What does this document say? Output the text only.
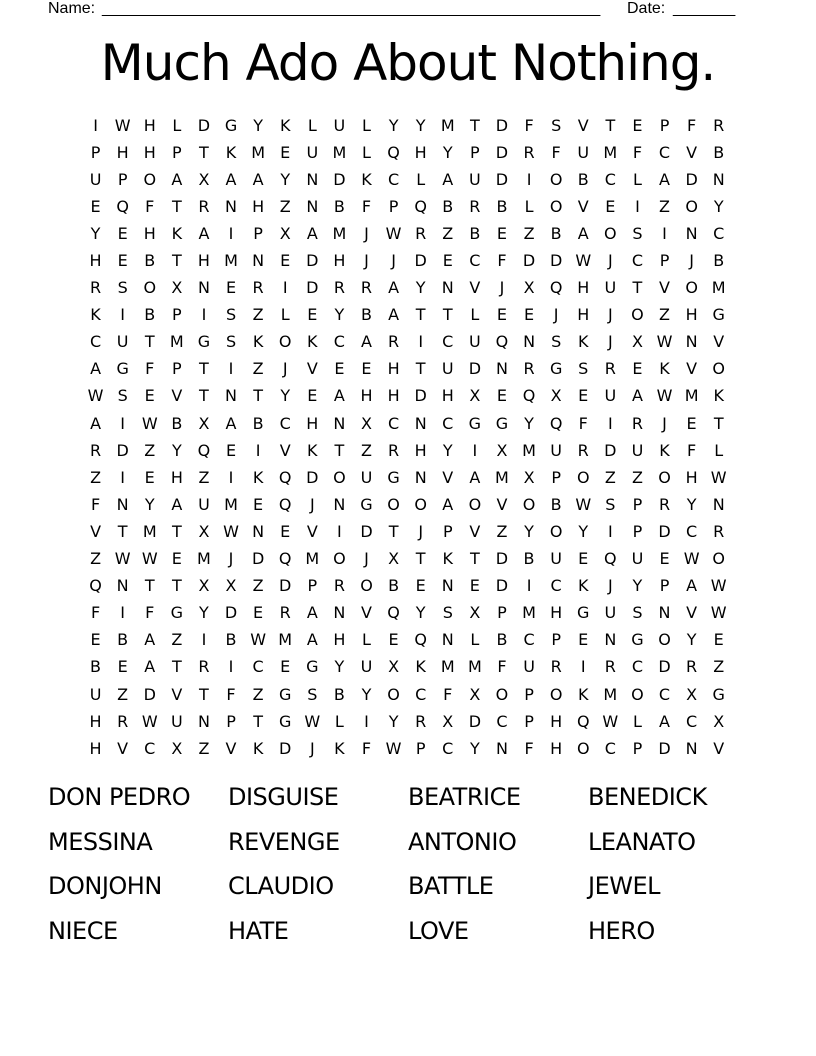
Name: ________________________________________________________ Date: _______
Much Ado About Nothing.
I	W H	L	D G	Y	K	L	U	L	Y	Y M T	D	F	S	V	T	E	P	F	R
P	H H	P	T	K M E	U M L	Q H	Y	P	D R	F	U M F	C	V	B
U	P O A	X	A	A	Y	N D K	C	L	A U D	I	O B	C	L	A D N
E Q	F	T	R N H Z N B	F	P Q B	R	B	L	O V	E	I	Z O Y
Y	E	H K	A	I	P	X	A M	J	W R	Z	B	E	Z	B	A O S	I	N C
H	E	B	T	H M N	E D H	J	J	D E	C	F	D D W	J	C	P	J	B
R	S O X N	E	R	I	D R R	A	Y	N V	J	X Q H U	T	V O M
K	I	B	P	I	S	Z	L	E	Y	B	A	T	T	L	E	E	J	H	J	O Z H G
C U	T M G S	K O K	C	A	R	I	C U Q N	S	K	J	X W N V
A G	F	P	T	I	Z	J	V	E	E	H	T	U D N R G S	R	E	K	V O
W S	E	V	T	N	T	Y	E	A H H D H X	E Q X	E	U A W M K
A	I	W B	X	A	B	C H N X	C N C G G	Y Q	F	I	R	J	E	T
R D Z	Y Q E	I	V	K	T	Z	R H	Y	I	X M U R D U K	F	L
Z	I	E	H Z	I	K Q D O U G N V	A M X	P O Z	Z O H W
F	N	Y	A U M E Q	J	N G O O A O V O B W S	P	R	Y	N
V	T M T	X W N	E	V	I	D	T	J	P	V	Z	Y O Y	I	P	D C R
Z W W E M	J	D Q M O	J	X	T	K	T	D B U	E Q U	E W O
Q N	T	T	X	X	Z D	P	R O B	E	N	E D	I	C	K	J	Y	P	A W
F	I	F	G	Y	D E	R	A N V Q Y	S	X	P M H G U	S	N V W
E	B	A	Z	I	B W M A H	L	E Q N	L	B	C	P	E	N G O Y	E
B	E	A	T	R	I	C	E G	Y	U X	K M M F	U R	I	R C D R	Z
U Z D V	T	F	Z G S	B	Y O C	F	X O P O K M O C	X G
H R W U N	P	T	G W L	I	Y	R	X D C	P	H Q W L	A	C	X
H V	C	X	Z	V	K D	J	K	F W P	C	Y	N	F	H O C	P	D N V
DON PEDRO	DISGUISE	BEATRICE	BENEDICK
MESSINA	REVENGE	ANTONIO	LEANATO
DONJOHN	CLAUDIO	BATTLE	JEWEL
NIECE	HATE	LOVE	HERO
